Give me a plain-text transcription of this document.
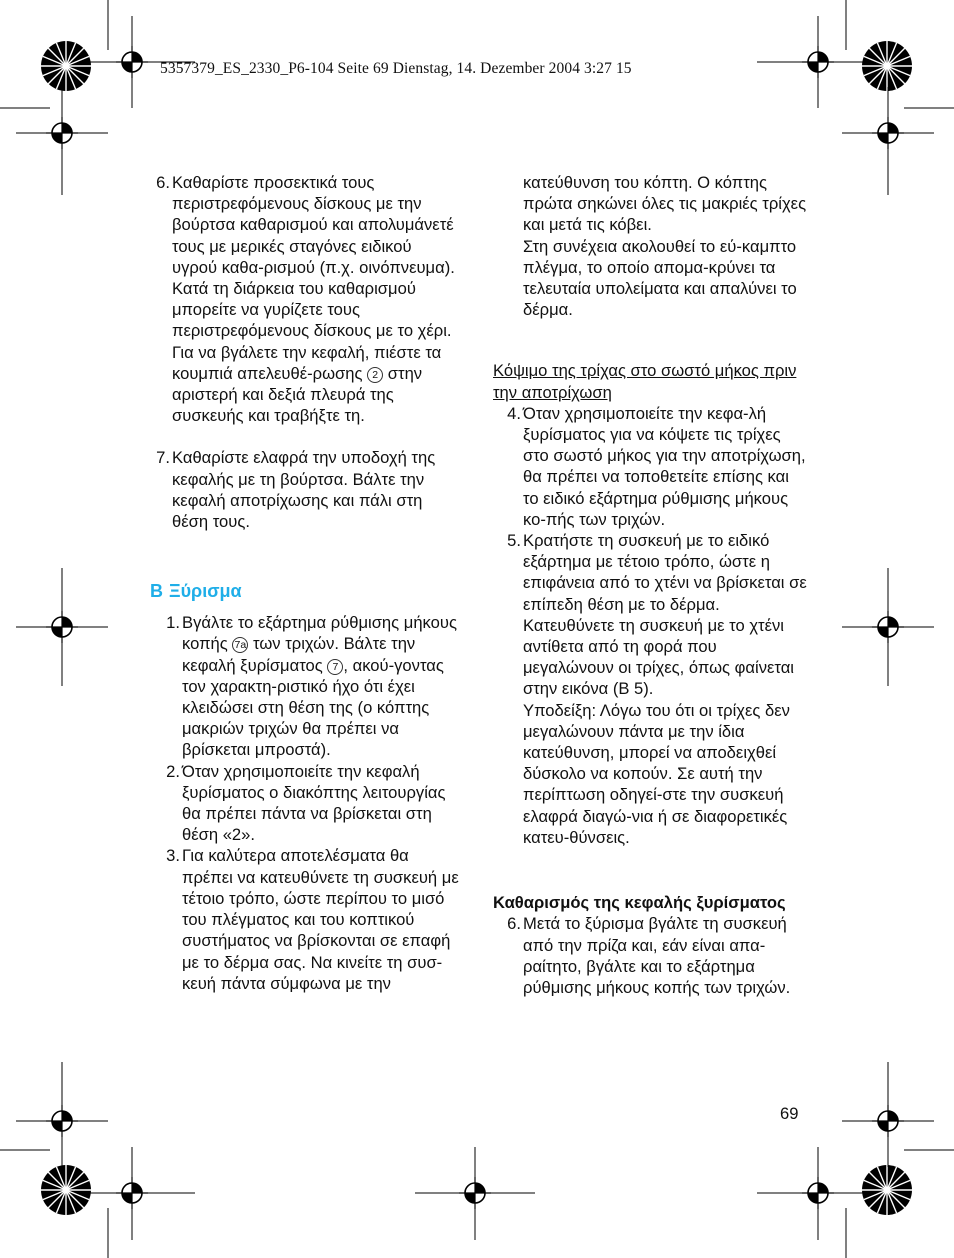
5357379_ES_2330_P6-104 Seite 69 Dienstag, 14. Dezember 2004 3:27 15
6. Καθαρίστε προσεκτικά τους περιστρεφόμενους δίσκους με την βούρτσα καθαρισμού και απολυμάνετέ τους με μερικές σταγόνες ειδικού υγρού καθα-ρισμού (π.χ. οινόπνευμα).

Κατά τη διάρκεια του καθαρισμού μπορείτε να γυρίζετε τους περιστρεφόμενους δίσκους με το χέρι. Για να βγάλετε την κεφαλή, πιέστε τα κουμπιά απελευθέ-ρωσης 2 στην αριστερή και δεξιά πλευρά της συσκευής και τραβήξτε τη.

7. Καθαρίστε ελαφρά την υποδοχή της κεφαλής με τη βούρτσα. Βάλτε την κεφαλή αποτρίχωσης και πάλι στη θέση τους.

B Ξύρισμα
1. Βγάλτε το εξάρτημα ρύθμισης μήκους κοπής 7a των τριχών. Βάλτε την κεφαλή ξυρίσματος 7 , ακού-γοντας τον χαρακτη-ριστικό ήχο ότι έχει κλειδώσει στη θέση της (ο κόπτης μακριών τριχών θα πρέπει να βρίσκεται μπροστά).

2. Όταν χρησιμοποιείτε την κεφαλή ξυρίσματος ο διακόπτης λειτουργίας θα πρέπει πάντα να βρίσκεται στη θέση «2».

3. Για καλύτερα αποτελέσματα θα πρέπει να κατευθύνετε τη συσκευή με τέτοιο τρόπο, ώστε περίπου το μισό του πλέγματος και του κοπτικού συστήματος να βρίσκονται σε επαφή με το δέρμα σας. Να κινείτε τη συσ-κευή πάντα σύμφωνα με την

κατεύθυνση του κόπτη. Ο κόπτης πρώτα σηκώνει όλες τις μακριές τρίχες και μετά τις κόβει.

Στη συνέχεια ακολουθεί το εύ-καμπτο πλέγμα, το οποίο απομα-κρύνει τα τελευταία υπολείματα και απαλύνει το δέρμα.

Κόψιμο της τρίχας στο σωστό μήκος πριν την αποτρίχωση
4. Όταν χρησιμοποιείτε την κεφα-λή ξυρίσματος για να κόψετε τις τρίχες στο σωστό μήκος για την αποτρίχωση, θα πρέπει να τοποθετείτε επίσης και το ειδικό εξάρτημα ρύθμισης μήκους κο-πής των τριχών.

5. Κρατήστε τη συσκευή με το ειδικό εξάρτημα με τέτοιο τρόπο, ώστε η επιφάνεια από το χτένι να βρίσκεται σε επίπεδη θέση με το δέρμα. Κατευθύνετε τη συσκευή με το χτένι αντίθετα από τη φορά που μεγαλώνουν οι τρίχες, όπως φαίνεται στην εικόνα (B 5).

Υποδείξη: Λόγω του ότι οι τρίχες δεν μεγαλώνουν πάντα με την ίδια κατεύθυνση, μπορεί να αποδειχθεί δύσκολο να κοπούν. Σε αυτή την περίπτωση οδηγεί-στε την συσκευή ελαφρά διαγώ-νια ή σε διαφορετικές κατευ-θύνσεις.

Καθαρισμός της κεφαλής ξυρίσματος
6. Μετά το ξύρισμα βγάλτε τη συσκευή από την πρίζα και, εάν είναι απα-ραίτητο, βγάλτε και το εξάρτημα ρύθμισης μήκους κοπής των τριχών.

69
